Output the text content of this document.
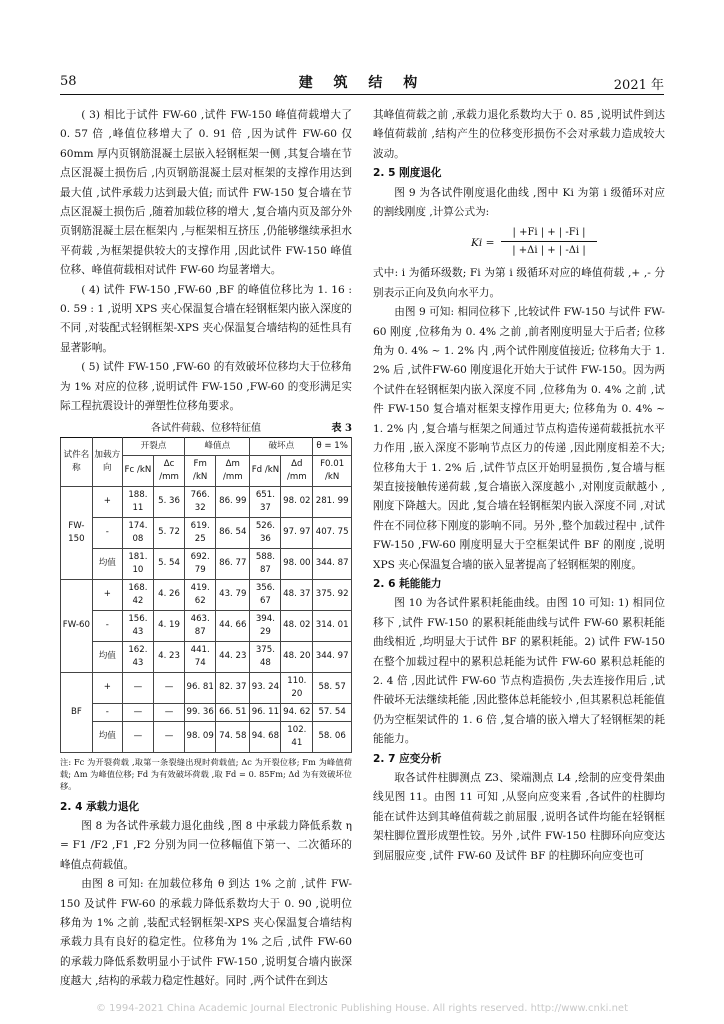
58	建 筑 结 构	2021 年

( 3) 相比于试件 FW-60 ,试件 FW-150 峰值荷载增大了 0. 57 倍 ,峰值位移增大了 0. 91 倍 ,因为试件 FW-60 仅 60mm 厚内页钢筋混凝土层嵌入轻钢框架一侧 ,其复合墙在节点区混凝土损伤后 ,内页钢筋混凝土层对框架的支撑作用达到最大值 ,试件承载力达到最大值; 而试件 FW-150 复合墙在节点区混凝土损伤后 ,随着加载位移的增大 ,复合墙内页及部分外页钢筋混凝土层在框架内 ,与框架相互挤压 ,仍能够继续承担水平荷载 ,为框架提供较大的支撑作用 ,因此试件 FW-150 峰值位移、峰值荷载相对试件 FW-60 均显著增大。

( 4) 试件 FW-150 ,FW-60 ,BF 的峰值位移比为 1. 16 : 0. 59 : 1 ,说明 XPS 夹心保温复合墙在轻钢框架内嵌入深度的不同 ,对装配式轻钢框架-XPS 夹心保温复合墙结构的延性具有显著影响。

( 5) 试件 FW-150 ,FW-60 的有效破坏位移均大于位移角为 1% 对应的位移 ,说明试件 FW-150 ,FW-60 的变形满足实际工程抗震设计的弹塑性位移角要求。

各试件荷载、位移特征值	表 3
试件名称	加载方向	开裂点		峰值点		破坏点		θ = 1%
		Fc /kN	Δc /mm	Fm /kN	Δm /mm	Fd /kN	Δd /mm	F0.01 /kN
FW-150	+	188. 11	5. 36	766. 32	86. 99	651. 37	98. 02	281. 99
	-	174. 08	5. 72	619. 25	86. 54	526. 36	97. 97	407. 75
	均值	181. 10	5. 54	692. 79	86. 77	588. 87	98. 00	344. 87
FW-60	+	168. 42	4. 26	419. 62	43. 79	356. 67	48. 37	375. 92
	-	156. 43	4. 19	463. 87	44. 66	394. 29	48. 02	314. 01
	均值	162. 43	4. 23	441. 74	44. 23	375. 48	48. 20	344. 97
BF	+	—	—	96. 81	82. 37	93. 24	110. 20	58. 57
	-	—	—	99. 36	66. 51	96. 11	94. 62	57. 54
	均值	—	—	98. 09	74. 58	94. 68	102. 41	58. 06
注: Fc 为开裂荷载 ,取第一条裂缝出现时荷载值; Δc 为开裂位移; Fm 为峰值荷载; Δm 为峰值位移; Fd 为有效破坏荷载 ,取 Fd = 0. 85Fm; Δd 为有效破坏位移。
2. 4 承载力退化

图 8 为各试件承载力退化曲线 ,图 8 中承载力降低系数 η = F1 /F2 ,F1 ,F2 分别为同一位移幅值下第一、二次循环的峰值点荷载值。

由图 8 可知: 在加载位移角 θ 到达 1% 之前 ,试件 FW-150 及试件 FW-60 的承载力降低系数均大于 0. 90 ,说明位移角为 1% 之前 ,装配式轻钢框架-XPS 夹心保温复合墙结构承载力具有良好的稳定性。位移角为 1% 之后 ,试件 FW-60 的承载力降低系数明显小于试件 FW-150 ,说明复合墙内嵌深度越大 ,结构的承载力稳定性越好。同时 ,两个试件在到达

其峰值荷载之前 ,承载力退化系数均大于 0. 85 ,说明试件到达峰值荷载前 ,结构产生的位移变形损伤不会对承载力造成较大波动。

2. 5 刚度退化

图 9 为各试件刚度退化曲线 ,图中 Ki 为第 i 级循环对应的割线刚度 ,计算公式为:

$Ki = \frac{| +Fi | + | -Fi |}{| +\Delta i | + | -\Delta i |}$

式中: i 为循环级数; Fi 为第 i 级循环对应的峰值荷载 ,+ ,- 分别表示正向及负向水平力。

由图 9 可知: 相同位移下 ,比较试件 FW-150 与试件 FW-60 刚度 ,位移角为 0. 4% 之前 ,前者刚度明显大于后者; 位移角为 0. 4% ~ 1. 2% 内 ,两个试件刚度值接近; 位移角大于 1. 2% 后 ,试件FW-60 刚度退化开始大于试件 FW-150。因为两个试件在轻钢框架内嵌入深度不同 ,位移角为 0. 4% 之前 ,试件 FW-150 复合墙对框架支撑作用更大; 位移角为 0. 4% ~ 1. 2% 内 ,复合墙与框架之间通过节点构造传递荷载抵抗水平力作用 ,嵌入深度不影响节点区力的传递 ,因此刚度相差不大; 位移角大于 1. 2% 后 ,试件节点区开始明显损伤 ,复合墙与框架直接接触传递荷载 ,复合墙嵌入深度越小 ,对刚度贡献越小 ,刚度下降越大。因此 ,复合墙在轻钢框架内嵌入深度不同 ,对试件在不同位移下刚度的影响不同。另外 ,整个加载过程中 ,试件 FW-150 ,FW-60 刚度明显大于空框架试件 BF 的刚度 ,说明 XPS 夹心保温复合墙的嵌入显著提高了轻钢框架的刚度。

2. 6 耗能能力

图 10 为各试件累积耗能曲线。由图 10 可知: 1) 相同位移下 ,试件 FW-150 的累积耗能曲线与试件 FW-60 累积耗能曲线相近 ,均明显大于试件 BF 的累积耗能。2) 试件 FW-150 在整个加载过程中的累积总耗能为试件 FW-60 累积总耗能的 2. 4 倍 ,因此试件 FW-60 节点构造损伤 ,失去连接作用后 ,试件破坏无法继续耗能 ,因此整体总耗能较小 ,但其累积总耗能值仍为空框架试件的 1. 6 倍 ,复合墙的嵌入增大了轻钢框架的耗能能力。

2. 7 应变分析

取各试件柱脚测点 Z3、梁端测点 L4 ,绘制的应变骨架曲线见图 11。由图 11 可知 ,从竖向应变来看 ,各试件的柱脚均能在试件达到其峰值荷载之前屈服 ,说明各试件均能在轻钢框架柱脚位置形成塑性铰。另外 ,试件 FW-150 柱脚环向应变达到屈服应变 ,试件 FW-60 及试件 BF 的柱脚环向应变也可

© 1994-2021 China Academic Journal Electronic Publishing House. All rights reserved. http://www.cnki.net
